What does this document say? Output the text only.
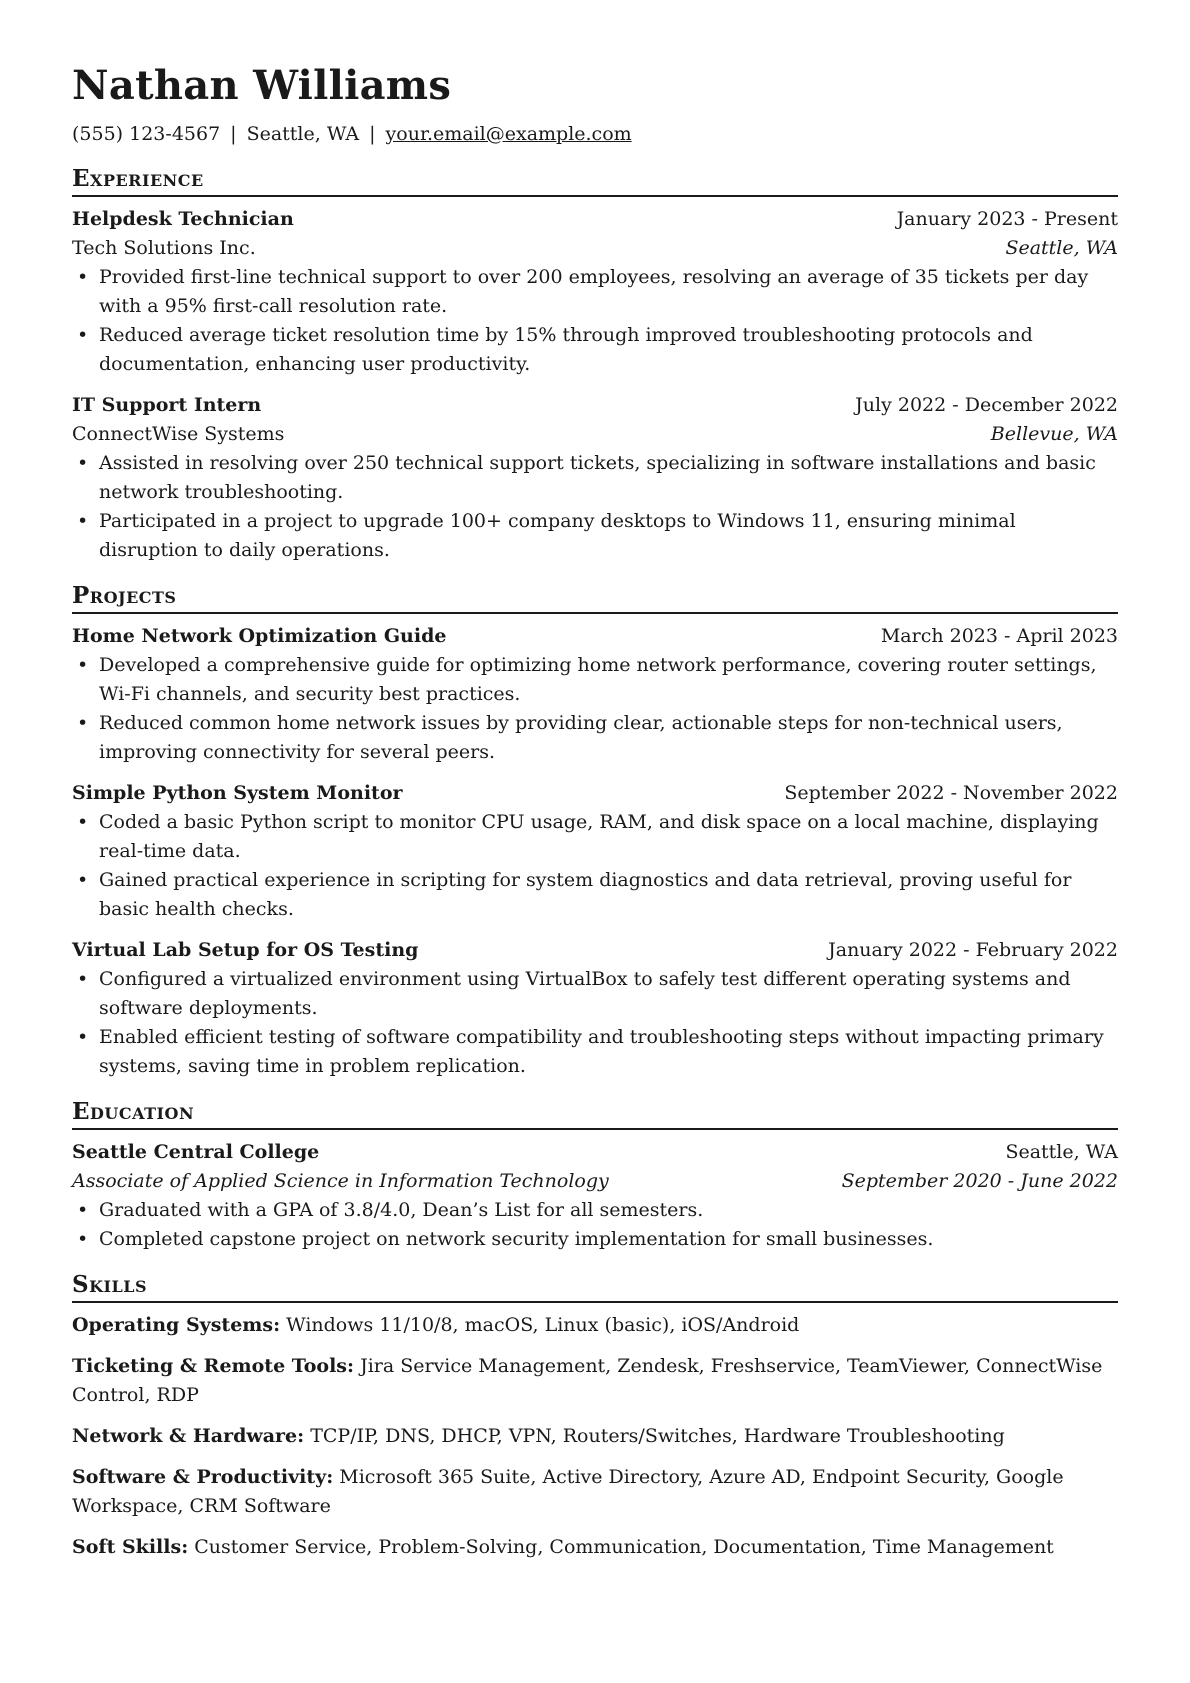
Nathan Williams
(555) 123-4567 | Seattle, WA | your.email@example.com
Experience
Helpdesk Technician	January 2023 - Present
Tech Solutions Inc.	Seattle, WA
• Provided first-line technical support to over 200 employees, resolving an average of 35 tickets per day with a 95% first-call resolution rate.
• Reduced average ticket resolution time by 15% through improved troubleshooting protocols and documentation, enhancing user productivity.
IT Support Intern	July 2022 - December 2022
ConnectWise Systems	Bellevue, WA
• Assisted in resolving over 250 technical support tickets, specializing in software installations and basic network troubleshooting.
• Participated in a project to upgrade 100+ company desktops to Windows 11, ensuring minimal disruption to daily operations.
Projects
Home Network Optimization Guide	March 2023 - April 2023
• Developed a comprehensive guide for optimizing home network performance, covering router settings, Wi-Fi channels, and security best practices.
• Reduced common home network issues by providing clear, actionable steps for non-technical users, improving connectivity for several peers.
Simple Python System Monitor	September 2022 - November 2022
• Coded a basic Python script to monitor CPU usage, RAM, and disk space on a local machine, displaying real-time data.
• Gained practical experience in scripting for system diagnostics and data retrieval, proving useful for basic health checks.
Virtual Lab Setup for OS Testing	January 2022 - February 2022
• Configured a virtualized environment using VirtualBox to safely test different operating systems and software deployments.
• Enabled efficient testing of software compatibility and troubleshooting steps without impacting primary systems, saving time in problem replication.
Education
Seattle Central College	Seattle, WA
Associate of Applied Science in Information Technology	September 2020 - June 2022
• Graduated with a GPA of 3.8/4.0, Dean’s List for all semesters.
• Completed capstone project on network security implementation for small businesses.
Skills
Operating Systems: Windows 11/10/8, macOS, Linux (basic), iOS/Android
Ticketing & Remote Tools: Jira Service Management, Zendesk, Freshservice, TeamViewer, ConnectWise Control, RDP
Network & Hardware: TCP/IP, DNS, DHCP, VPN, Routers/Switches, Hardware Troubleshooting
Software & Productivity: Microsoft 365 Suite, Active Directory, Azure AD, Endpoint Security, Google Workspace, CRM Software
Soft Skills: Customer Service, Problem-Solving, Communication, Documentation, Time Management
